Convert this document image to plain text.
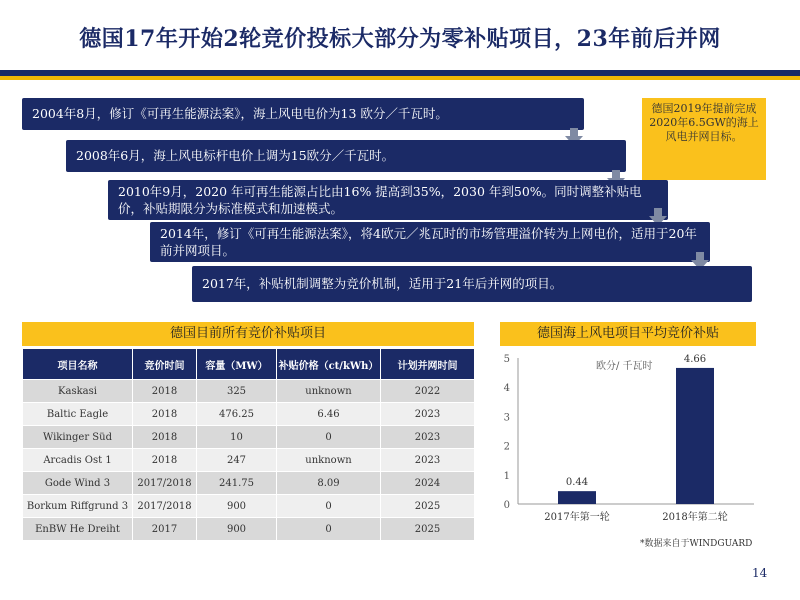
德国17年开始2轮竞价投标大部分为零补贴项目，23年前后并网
2004年8月，修订《可再生能源法案》，海上风电电价为13 欧分／千瓦时。
2008年6月，海上风电标杆电价上调为15欧分／千瓦时。
2010年9月，2020 年可再生能源占比由16% 提高到35%，2030 年到50%。同时调整补贴电价，补贴期限分为标准模式和加速模式。
2014年，修订《可再生能源法案》，将4欧元／兆瓦时的市场管理溢价转为上网电价，适用于20年前并网项目。
2017年，补贴机制调整为竞价机制，适用于21年后并网的项目。
德国2019年提前完成2020年6.5GW的海上风电并网目标。
德国目前所有竞价补贴项目
项目名称	竞价时间	容量（MW）	补贴价格（ct/kWh）	计划并网时间
Kaskasi	2018	325	unknown	2022
Baltic Eagle	2018	476.25	6.46	2023
Wikinger Süd	2018	10	0	2023
Arcadis Ost 1	2018	247	unknown	2023
Gode Wind 3	2017/2018	241.75	8.09	2024
Borkum Riffgrund 3	2017/2018	900	0	2025
EnBW He Dreiht	2017	900	0	2025
德国海上风电项目平均竞价补贴
0
1
2
3
4
5
欧分/ 千瓦时
0.44
2017年第一轮
4.66
2018年第二轮
*数据来自于WINDGUARD
14
